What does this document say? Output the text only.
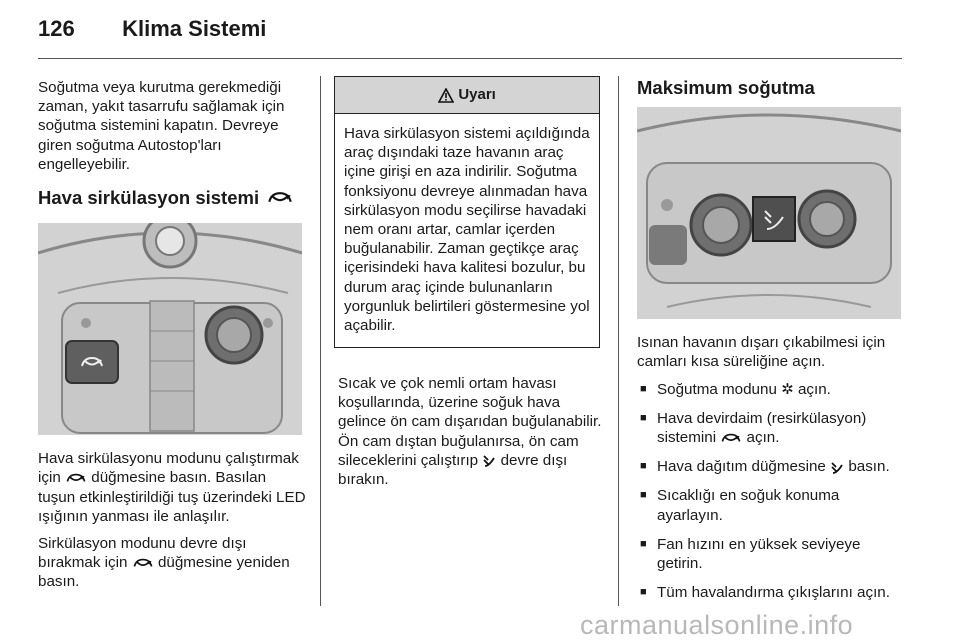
126 Klima Sistemi

Soğutma veya kurutma gerekmediği zaman, yakıt tasarrufu sağlamak için soğutma sistemini kapatın. Devreye giren soğutma Autostop'ları engelleyebilir.

Hava sirkülasyon sistemi

Hava sirkülasyonu modunu çalıştırmak için düğmesine basın. Basılan tuşun etkinleştirildiği tuş üzerindeki LED ışığının yanması ile anlaşılır.

Sirkülasyon modunu devre dışı bırakmak için düğmesine yeniden basın.

Uyarı
Hava sirkülasyon sistemi açıldığında araç dışındaki taze havanın araç içine girişi en aza indirilir. Soğutma fonksiyonu devreye alınmadan hava sirkülasyon modu seçilirse havadaki nem oranı artar, camlar içerden buğulanabilir. Zaman geçtikçe araç içerisindeki hava kalitesi bozulur, bu durum araç içinde bulunanların yorgunluk belirtileri göstermesine yol açabilir.

Sıcak ve çok nemli ortam havası koşullarında, üzerine soğuk hava gelince ön cam dışarıdan buğulanabilir. Ön cam dıştan buğulanırsa, ön cam sileceklerini çalıştırıp devre dışı bırakın.

Maksimum soğutma

Isınan havanın dışarı çıkabilmesi için camları kısa süreliğine açın.

■ Soğutma modunu ✲ açın.
■ Hava devirdaim (resirkülasyon) sistemini açın.
■ Hava dağıtım düğmesine basın.
■ Sıcaklığı en soğuk konuma ayarlayın.
■ Fan hızını en yüksek seviyeye getirin.
■ Tüm havalandırma çıkışlarını açın.
carmanualsonline.info
